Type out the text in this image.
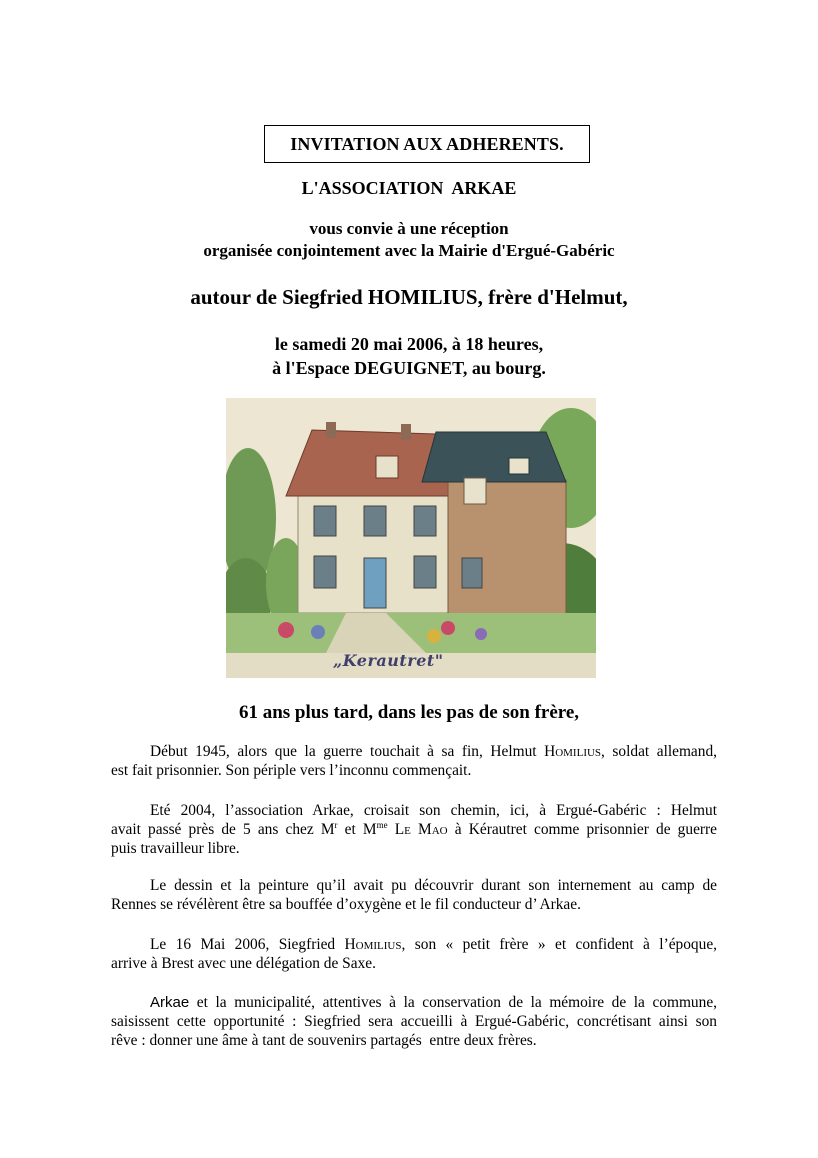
INVITATION AUX ADHERENTS.
L'ASSOCIATION  ARKAE
vous convie à une réception
organisée conjointement avec la Mairie d'Ergué-Gabéric
autour de Siegfried HOMILIUS, frère d'Helmut,
le samedi 20 mai 2006, à 18 heures,
à l'Espace DEGUIGNET, au bourg.
„Kerautret"
61 ans plus tard, dans les pas de son frère,
Début 1945, alors que la guerre touchait à sa fin, Helmut Homilius, soldat allemand,
est fait prisonnier. Son périple vers l’inconnu commençait.
Eté 2004, l’association Arkae, croisait son chemin, ici, à Ergué-Gabéric : Helmut
avait passé près de 5 ans chez $M^r$ et $M^{me}$ Le Mao à Kérautret comme prisonnier de guerre
puis travailleur libre.
Le dessin et la peinture qu’il avait pu découvrir durant son internement au camp de
Rennes se révélèrent être sa bouffée d’oxygène et le fil conducteur d’ Arkae.
Le 16 Mai 2006, Siegfried Homilius, son « petit frère » et confident à l’époque,
arrive à Brest avec une délégation de Saxe.
Arkae et la municipalité, attentives à la conservation de la mémoire de la commune,
saisissent cette opportunité : Siegfried sera accueilli à Ergué-Gabéric, concrétisant ainsi son
rêve : donner une âme à tant de souvenirs partagés  entre deux frères.
